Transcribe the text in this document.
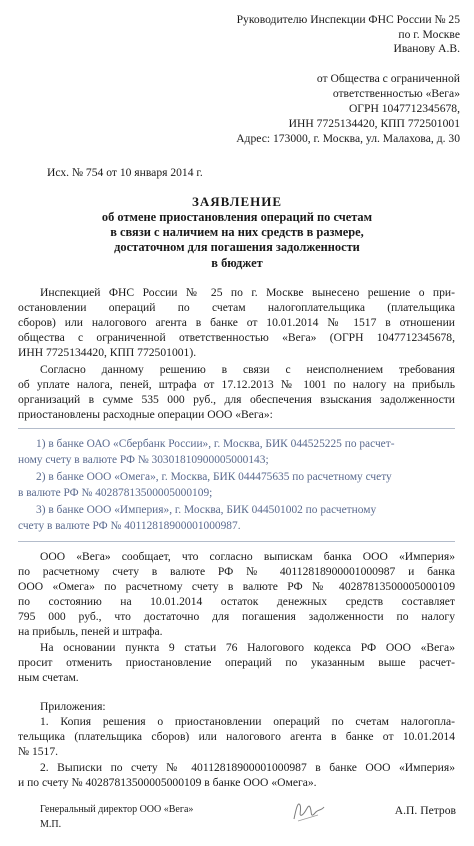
Руководителю Инспекции ФНС России № 25
по г. Москве
Иванову А.В.
от Общества с ограниченной
ответственностью «Вега»
ОГРН 1047712345678,
ИНН 7725134420, КПП 772501001
Адрес: 173000, г. Москва, ул. Малахова, д. 30
Исх. № 754 от 10 января 2014 г.
ЗАЯВЛЕНИЕ
об отмене приостановления операций по счетам
в связи с наличием на них средств в размере,
достаточном для погашения задолженности
в бюджет
Инспекцией ФНС России № 25 по г. Москве вынесено решение о при-
остановлении операций по счетам налогоплательщика (плательщика
сборов) или налогового агента в банке от 10.01.2014 № 1517 в отношении
общества с ограниченной ответственностью «Вега» (ОГРН 1047712345678,
ИНН 7725134420, КПП 772501001).
Согласно данному решению в связи с неисполнением требования
об уплате налога, пеней, штрафа от 17.12.2013 № 1001 по налогу на прибыль
организаций в сумме 535 000 руб., для обеспечения взыскания задолженности
приостановлены расходные операции ООО «Вега»:
1) в банке ОАО «Сбербанк России», г. Москва, БИК 044525225 по расчет-
ному счету в валюте РФ № 30301810900005000143;
2) в банке ООО «Омега», г. Москва, БИК 044475635 по расчетному счету
в валюте РФ № 40287813500005000109;
3) в банке ООО «Империя», г. Москва, БИК 044501002 по расчетному
счету в валюте РФ № 40112818900001000987.
ООО «Вега» сообщает, что согласно выпискам банка ООО «Империя»
по расчетному счету в валюте РФ № 40112818900001000987 и банка
ООО «Омега» по расчетному счету в валюте РФ № 40287813500005000109
по состоянию на 10.01.2014 остаток денежных средств составляет
795 000 руб., что достаточно для погашения задолженности по налогу
на прибыль, пеней и штрафа.
На основании пункта 9 статьи 76 Налогового кодекса РФ ООО «Вега»
просит отменить приостановление операций по указанным выше расчет-
ным счетам.
Приложения:
1. Копия решения о приостановлении операций по счетам налогопла-
тельщика (плательщика сборов) или налогового агента в банке от 10.01.2014
№ 1517.
2. Выписки по счету № 40112818900001000987 в банке ООО «Империя»
и по счету № 40287813500005000109 в банке ООО «Омега».
Генеральный директор ООО «Вега»	А.П. Петров
М.П.
